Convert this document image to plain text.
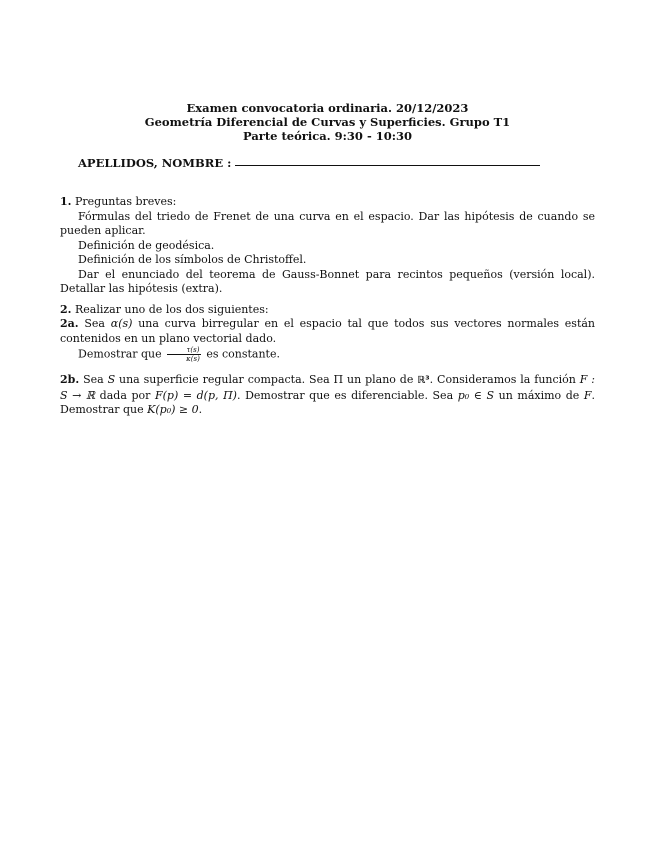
Examen convocatoria ordinaria. 20/12/2023
Geometría Diferencial de Curvas y Superficies. Grupo T1
Parte teórica. 9:30 - 10:30
APELLIDOS, NOMBRE :

1. Preguntas breves:

Fórmulas del triedo de Frenet de una curva en el espacio. Dar las hipótesis de cuando se pueden aplicar.

Definición de geodésica.

Definición de los símbolos de Christoffel.

Dar el enunciado del teorema de Gauss-Bonnet para recintos pequeños (versión local). Detallar las hipótesis (extra).

2. Realizar uno de los dos siguientes:

2a. Sea α(s) una curva birregular en el espacio tal que todos sus vectores normales están contenidos en un plano vectorial dado.

Demostrar que $\frac{\tau(s)}{\kappa(s)}$ es constante.

2b. Sea S una superficie regular compacta. Sea Π un plano de ℝ³. Consideramos la función F : S → ℝ dada por F(p) = d(p, Π). Demostrar que es diferenciable. Sea p₀ ∈ S un máximo de F. Demostrar que K(p₀) ≥ 0.
